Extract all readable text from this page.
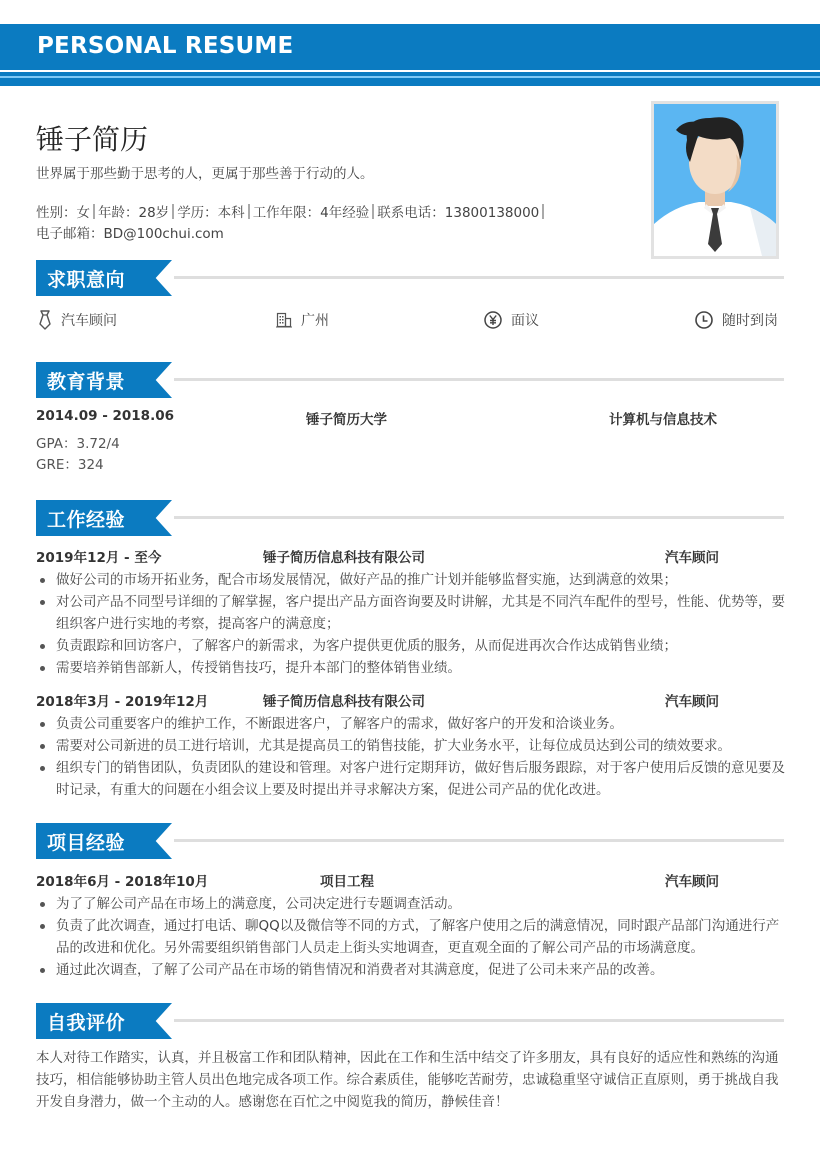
PERSONAL RESUME
锤子简历
世界属于那些勤于思考的人，更属于那些善于行动的人。
性别：女 年龄：28岁 学历：本科 工作年限：4年经验 联系电话：13800138000
电子邮箱：BD@100chui.com
求职意向
汽车顾问	广州	面议	随时到岗
教育背景
2014.09 - 2018.06	锤子简历大学	计算机与信息技术
GPA：3.72/4
GRE：324
工作经验
2019年12月 - 至今	锤子简历信息科技有限公司	汽车顾问
做好公司的市场开拓业务，配合市场发展情况，做好产品的推广计划并能够监督实施，达到满意的效果；
对公司产品不同型号详细的了解掌握，客户提出产品方面咨询要及时讲解，尤其是不同汽车配件的型号，性能、优势等，要组织客户进行实地的考察，提高客户的满意度；
负责跟踪和回访客户，了解客户的新需求，为客户提供更优质的服务，从而促进再次合作达成销售业绩；
需要培养销售部新人，传授销售技巧，提升本部门的整体销售业绩。
2018年3月 - 2019年12月	锤子简历信息科技有限公司	汽车顾问
负责公司重要客户的维护工作，不断跟进客户，了解客户的需求，做好客户的开发和洽谈业务。
需要对公司新进的员工进行培训，尤其是提高员工的销售技能，扩大业务水平，让每位成员达到公司的绩效要求。
组织专门的销售团队，负责团队的建设和管理。对客户进行定期拜访，做好售后服务跟踪，对于客户使用后反馈的意见要及时记录，有重大的问题在小组会议上要及时提出并寻求解决方案，促进公司产品的优化改进。
项目经验
2018年6月 - 2018年10月	项目工程	汽车顾问
为了了解公司产品在市场上的满意度，公司决定进行专题调查活动。
负责了此次调查，通过打电话、聊QQ以及微信等不同的方式，了解客户使用之后的满意情况，同时跟产品部门沟通进行产品的改进和优化。另外需要组织销售部门人员走上街头实地调查，更直观全面的了解公司产品的市场满意度。
通过此次调查，了解了公司产品在市场的销售情况和消费者对其满意度，促进了公司未来产品的改善。
自我评价
本人对待工作踏实，认真，并且极富工作和团队精神，因此在工作和生活中结交了许多朋友，具有良好的适应性和熟练的沟通技巧，相信能够协助主管人员出色地完成各项工作。综合素质佳，能够吃苦耐劳，忠诚稳重坚守诚信正直原则，勇于挑战自我开发自身潜力，做一个主动的人。感谢您在百忙之中阅览我的简历，静候佳音！
